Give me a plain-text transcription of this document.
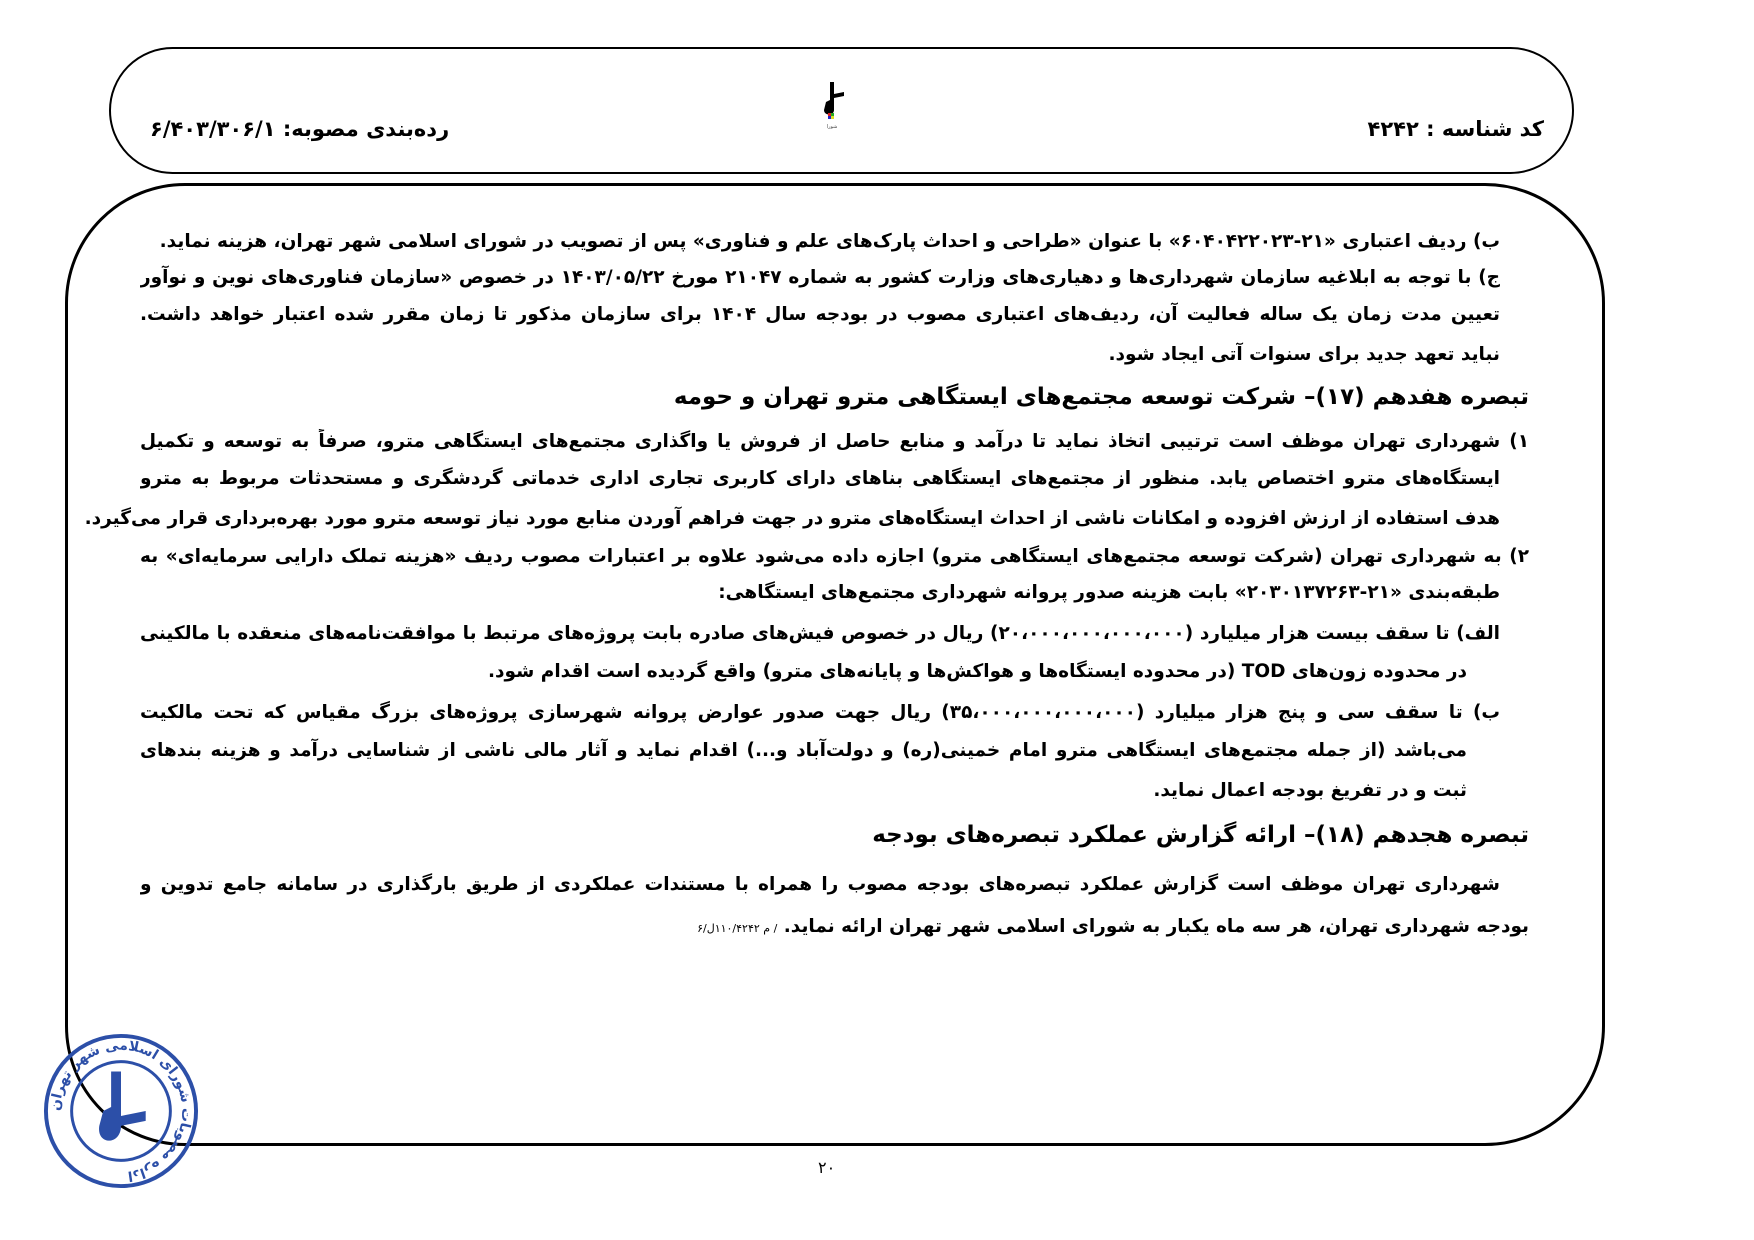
کد شناسه : ۴۲۴۲
رده‌بندی مصوبه: ۶/۴۰۳/۳۰۶/۱	شورا
ب) ردیف اعتباری «۲۱-۶۰۴۰۴۲۲۰۲۳» با عنوان «طراحی و احداث پارک‌های علم و فناوری» پس از تصویب در شورای اسلامی شهر تهران، هزینه نماید.
ج) با توجه به ابلاغیه سازمان شهرداری‌ها و دهیاری‌های وزارت کشور به شماره ۲۱۰۴۷ مورخ ۱۴۰۳/۰۵/۲۲ در خصوص «سازمان فناوری‌های نوین و نوآور
تعیین مدت زمان یک ساله فعالیت آن، ردیف‌های اعتباری مصوب در بودجه سال ۱۴۰۴ برای سازمان مذکور تا زمان مقرر شده اعتبار خواهد داشت.
نباید تعهد جدید برای سنوات آتی ایجاد شود.
تبصره هفدهم (۱۷)– شرکت توسعه مجتمع‌های ایستگاهی مترو تهران و حومه
۱) شهرداری تهران موظف است ترتیبی اتخاذ نماید تا درآمد و منابع حاصل از فروش یا واگذاری مجتمع‌های ایستگاهی مترو، صرفاً به توسعه و تکمیل
ایستگاه‌های مترو اختصاص یابد. منظور از مجتمع‌های ایستگاهی بناهای دارای کاربری تجاری اداری خدماتی گردشگری و مستحدثات مربوط به مترو
هدف استفاده از ارزش افزوده و امکانات ناشی از احداث ایستگاه‌های مترو در جهت فراهم آوردن منابع مورد نیاز توسعه مترو مورد بهره‌برداری قرار می‌گیرد.
۲) به شهرداری تهران (شرکت توسعه مجتمع‌های ایستگاهی مترو) اجازه داده می‌شود علاوه بر اعتبارات مصوب ردیف «هزینه تملک دارایی سرمایه‌ای» به
طبقه‌بندی «۲۱-۲۰۳۰۱۳۷۲۶۳» بابت هزینه صدور پروانه شهرداری مجتمع‌های ایستگاهی:
الف) تا سقف بیست هزار میلیارد (۲۰،۰۰۰،۰۰۰،۰۰۰،۰۰۰) ریال در خصوص فیش‌های صادره بابت پروژه‌های مرتبط با موافقت‌نامه‌های منعقده با مالکینی
در محدوده زون‌های TOD (در محدوده ایستگاه‌ها و هواکش‌ها و پایانه‌های مترو) واقع گردیده است اقدام شود.
ب) تا سقف سی و پنج هزار میلیارد (۳۵،۰۰۰،۰۰۰،۰۰۰،۰۰۰) ریال جهت صدور عوارض پروانه شهرسازی پروژه‌های بزرگ مقیاس که تحت مالکیت
می‌باشد (از جمله مجتمع‌های ایستگاهی مترو امام خمینی(ره) و دولت‌آباد و...) اقدام نماید و آثار مالی ناشی از شناسایی درآمد و هزینه بندهای
ثبت و در تفریغ بودجه اعمال نماید.
تبصره هجدهم (۱۸)– ارائه گزارش عملکرد تبصره‌های بودجه
شهرداری تهران موظف است گزارش عملکرد تبصره‌های بودجه مصوب را همراه با مستندات عملکردی از طریق بارگذاری در سامانه جامع تدوین و
بودجه شهرداری تهران، هر سه ماه یکبار به شورای اسلامی شهر تهران ارائه نماید. / م ۱۱۰/۴۲۴۲ل/۶
۲۰
اداره مصوبات شورای اسلامی شهر تهران
